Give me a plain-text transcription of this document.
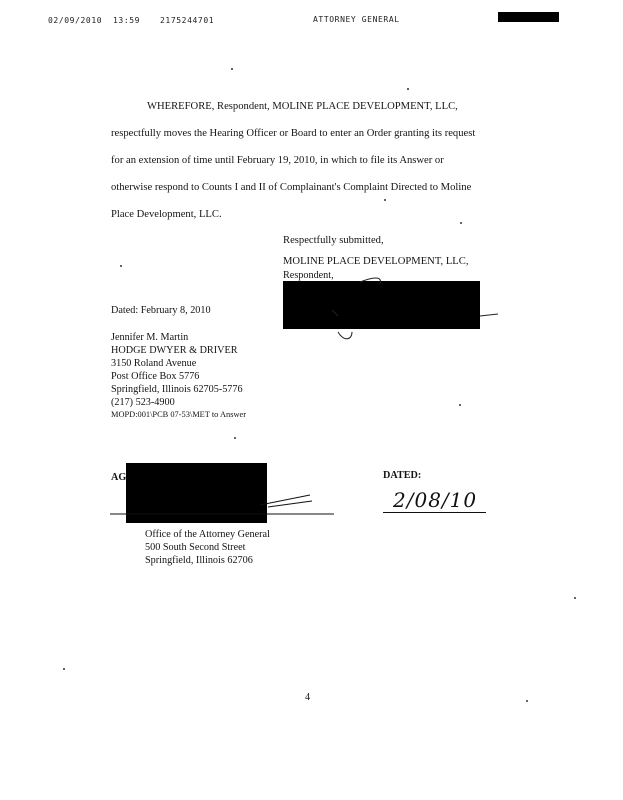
02/09/2010 13:59 2175244701	ATTORNEY GENERAL
WHEREFORE, Respondent, MOLINE PLACE DEVELOPMENT, LLC,
respectfully moves the Hearing Officer or Board to enter an Order granting its request
for an extension of time until February 19, 2010, in which to file its Answer or
otherwise respond to Counts I and II of Complainant's Complaint Directed to Moline
Place Development, LLC.
Respectfully submitted,
MOLINE PLACE DEVELOPMENT, LLC,
Respondent,
Dated: February 8, 2010
Jennifer M. Martin
HODGE DWYER & DRIVER
3150 Roland Avenue
Post Office Box 5776
Springfield, Illinois 62705-5776
(217) 523-4900
MOPD:001\PCB 07-53\MET to Answer
AG	DATED:
2/08/10
Office of the Attorney General
500 South Second Street
Springfield, Illinois 62706
4
